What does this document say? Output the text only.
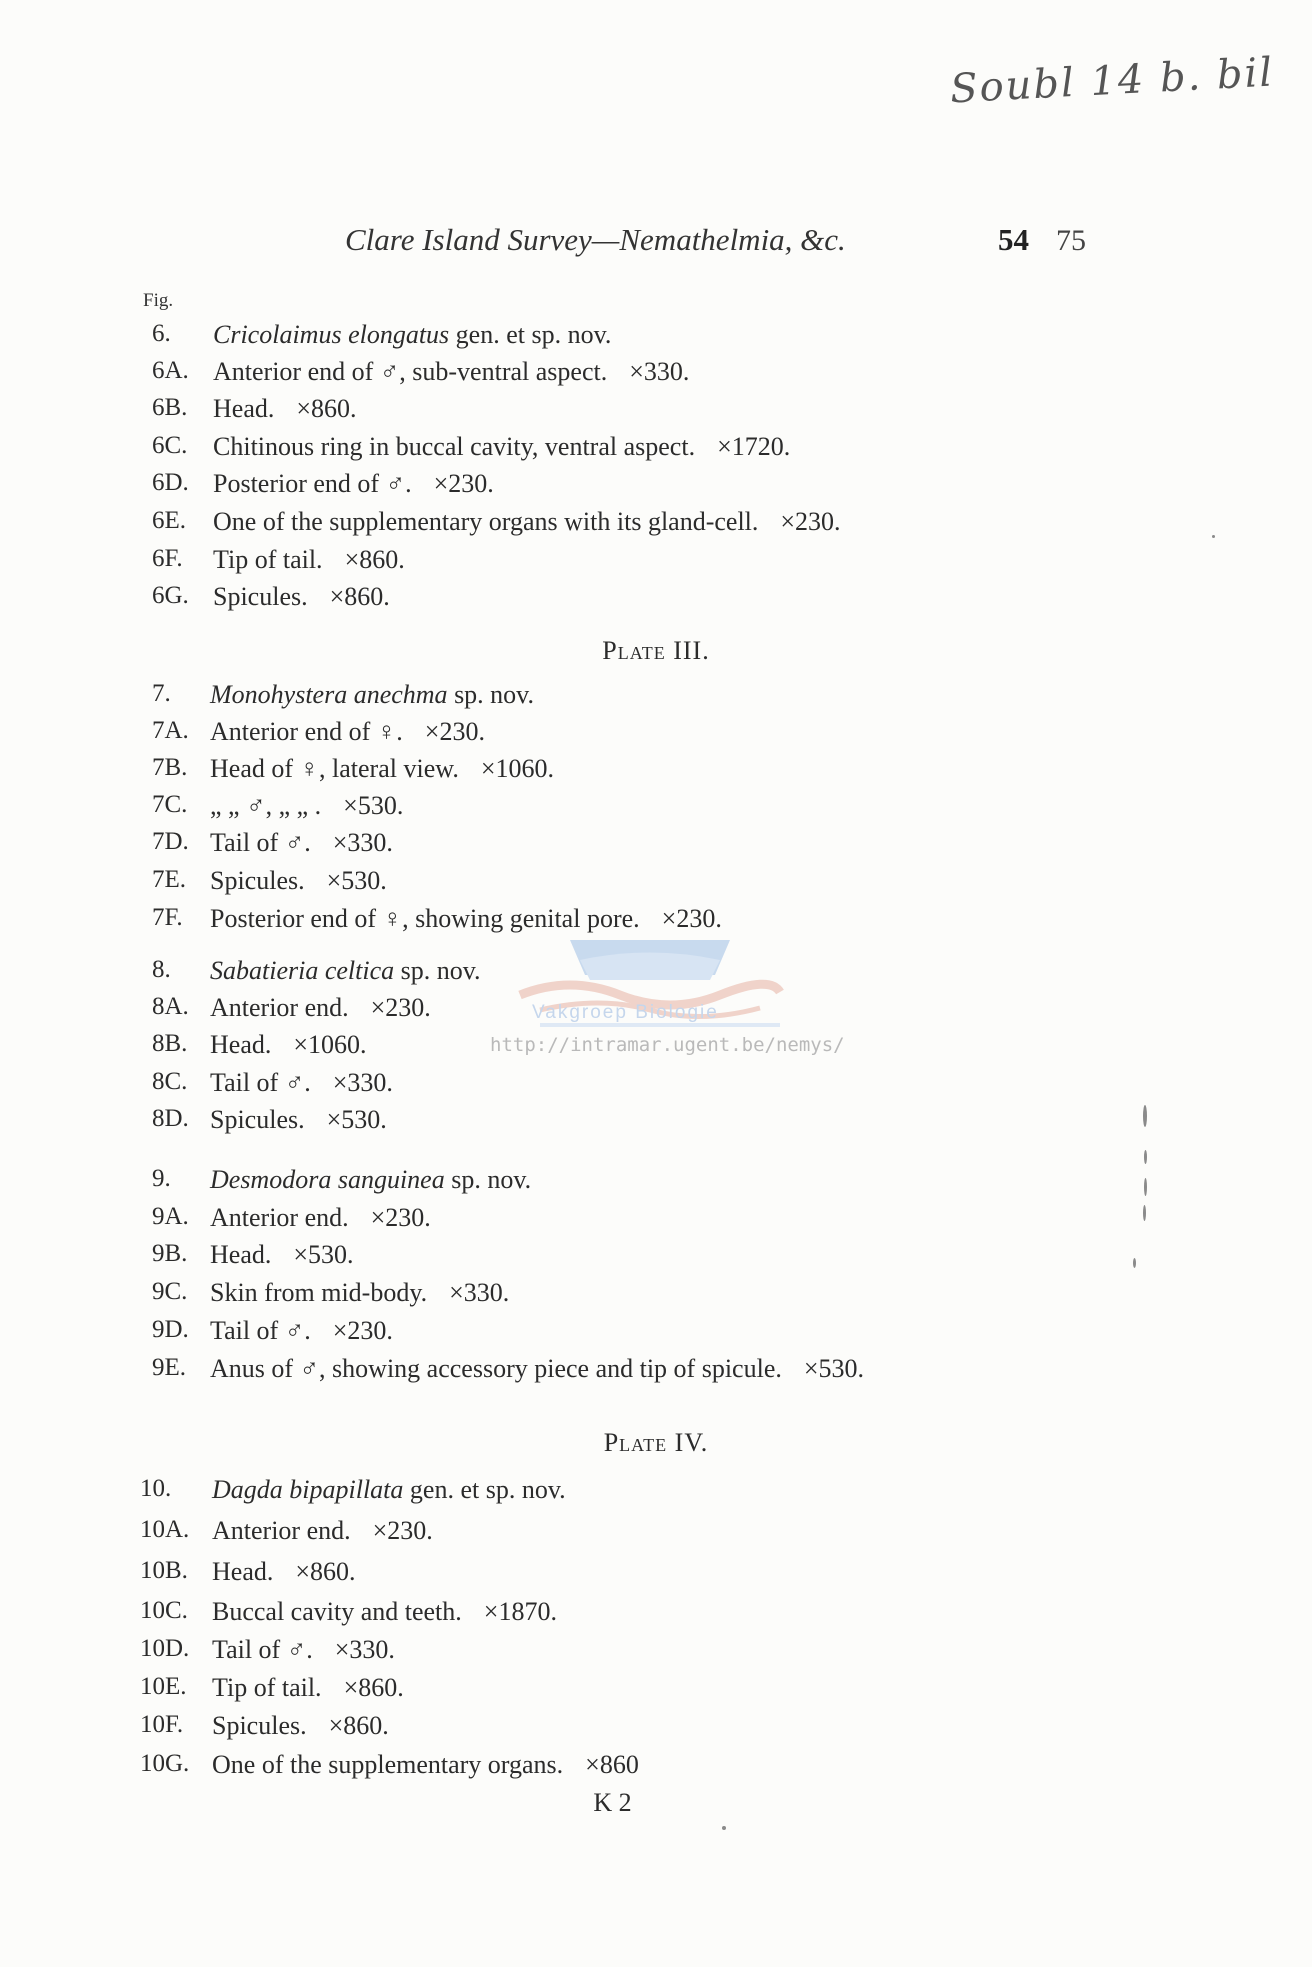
Soubl 14 b. bil
Clare Island Survey—Nemathelmia, &c.	54 75
Fig.
6. Cricolaimus elongatus gen. et sp. nov.
6A. Anterior end of ♂, sub-ventral aspect. ×330.
6B. Head. ×860.
6C. Chitinous ring in buccal cavity, ventral aspect. ×1720.
6D. Posterior end of ♂. ×230.
6E. One of the supplementary organs with its gland-cell. ×230.
6F. Tip of tail. ×860.
6G. Spicules. ×860.
Plate III.
7. Monohystera anechma sp. nov.
7A. Anterior end of ♀. ×230.
7B. Head of ♀, lateral view. ×1060.
7C. „ „ ♂, „ „ . ×530.
7D. Tail of ♂. ×330.
7E. Spicules. ×530.
7F. Posterior end of ♀, showing genital pore. ×230.
8. Sabatieria celtica sp. nov.
8A. Anterior end. ×230.
8B. Head. ×1060.
8C. Tail of ♂. ×330.
8D. Spicules. ×530.
9. Desmodora sanguinea sp. nov.
9A. Anterior end. ×230.
9B. Head. ×530.
9C. Skin from mid-body. ×330.
9D. Tail of ♂. ×230.
9E. Anus of ♂, showing accessory piece and tip of spicule. ×530.
Plate IV.
10. Dagda bipapillata gen. et sp. nov.
10A. Anterior end. ×230.
10B. Head. ×860.
10C. Buccal cavity and teeth. ×1870.
10D. Tail of ♂. ×330.
10E. Tip of tail. ×860.
10F. Spicules. ×860.
10G. One of the supplementary organs. ×860
K 2
Vakgroep Biologie
http://intramar.ugent.be/nemys/
